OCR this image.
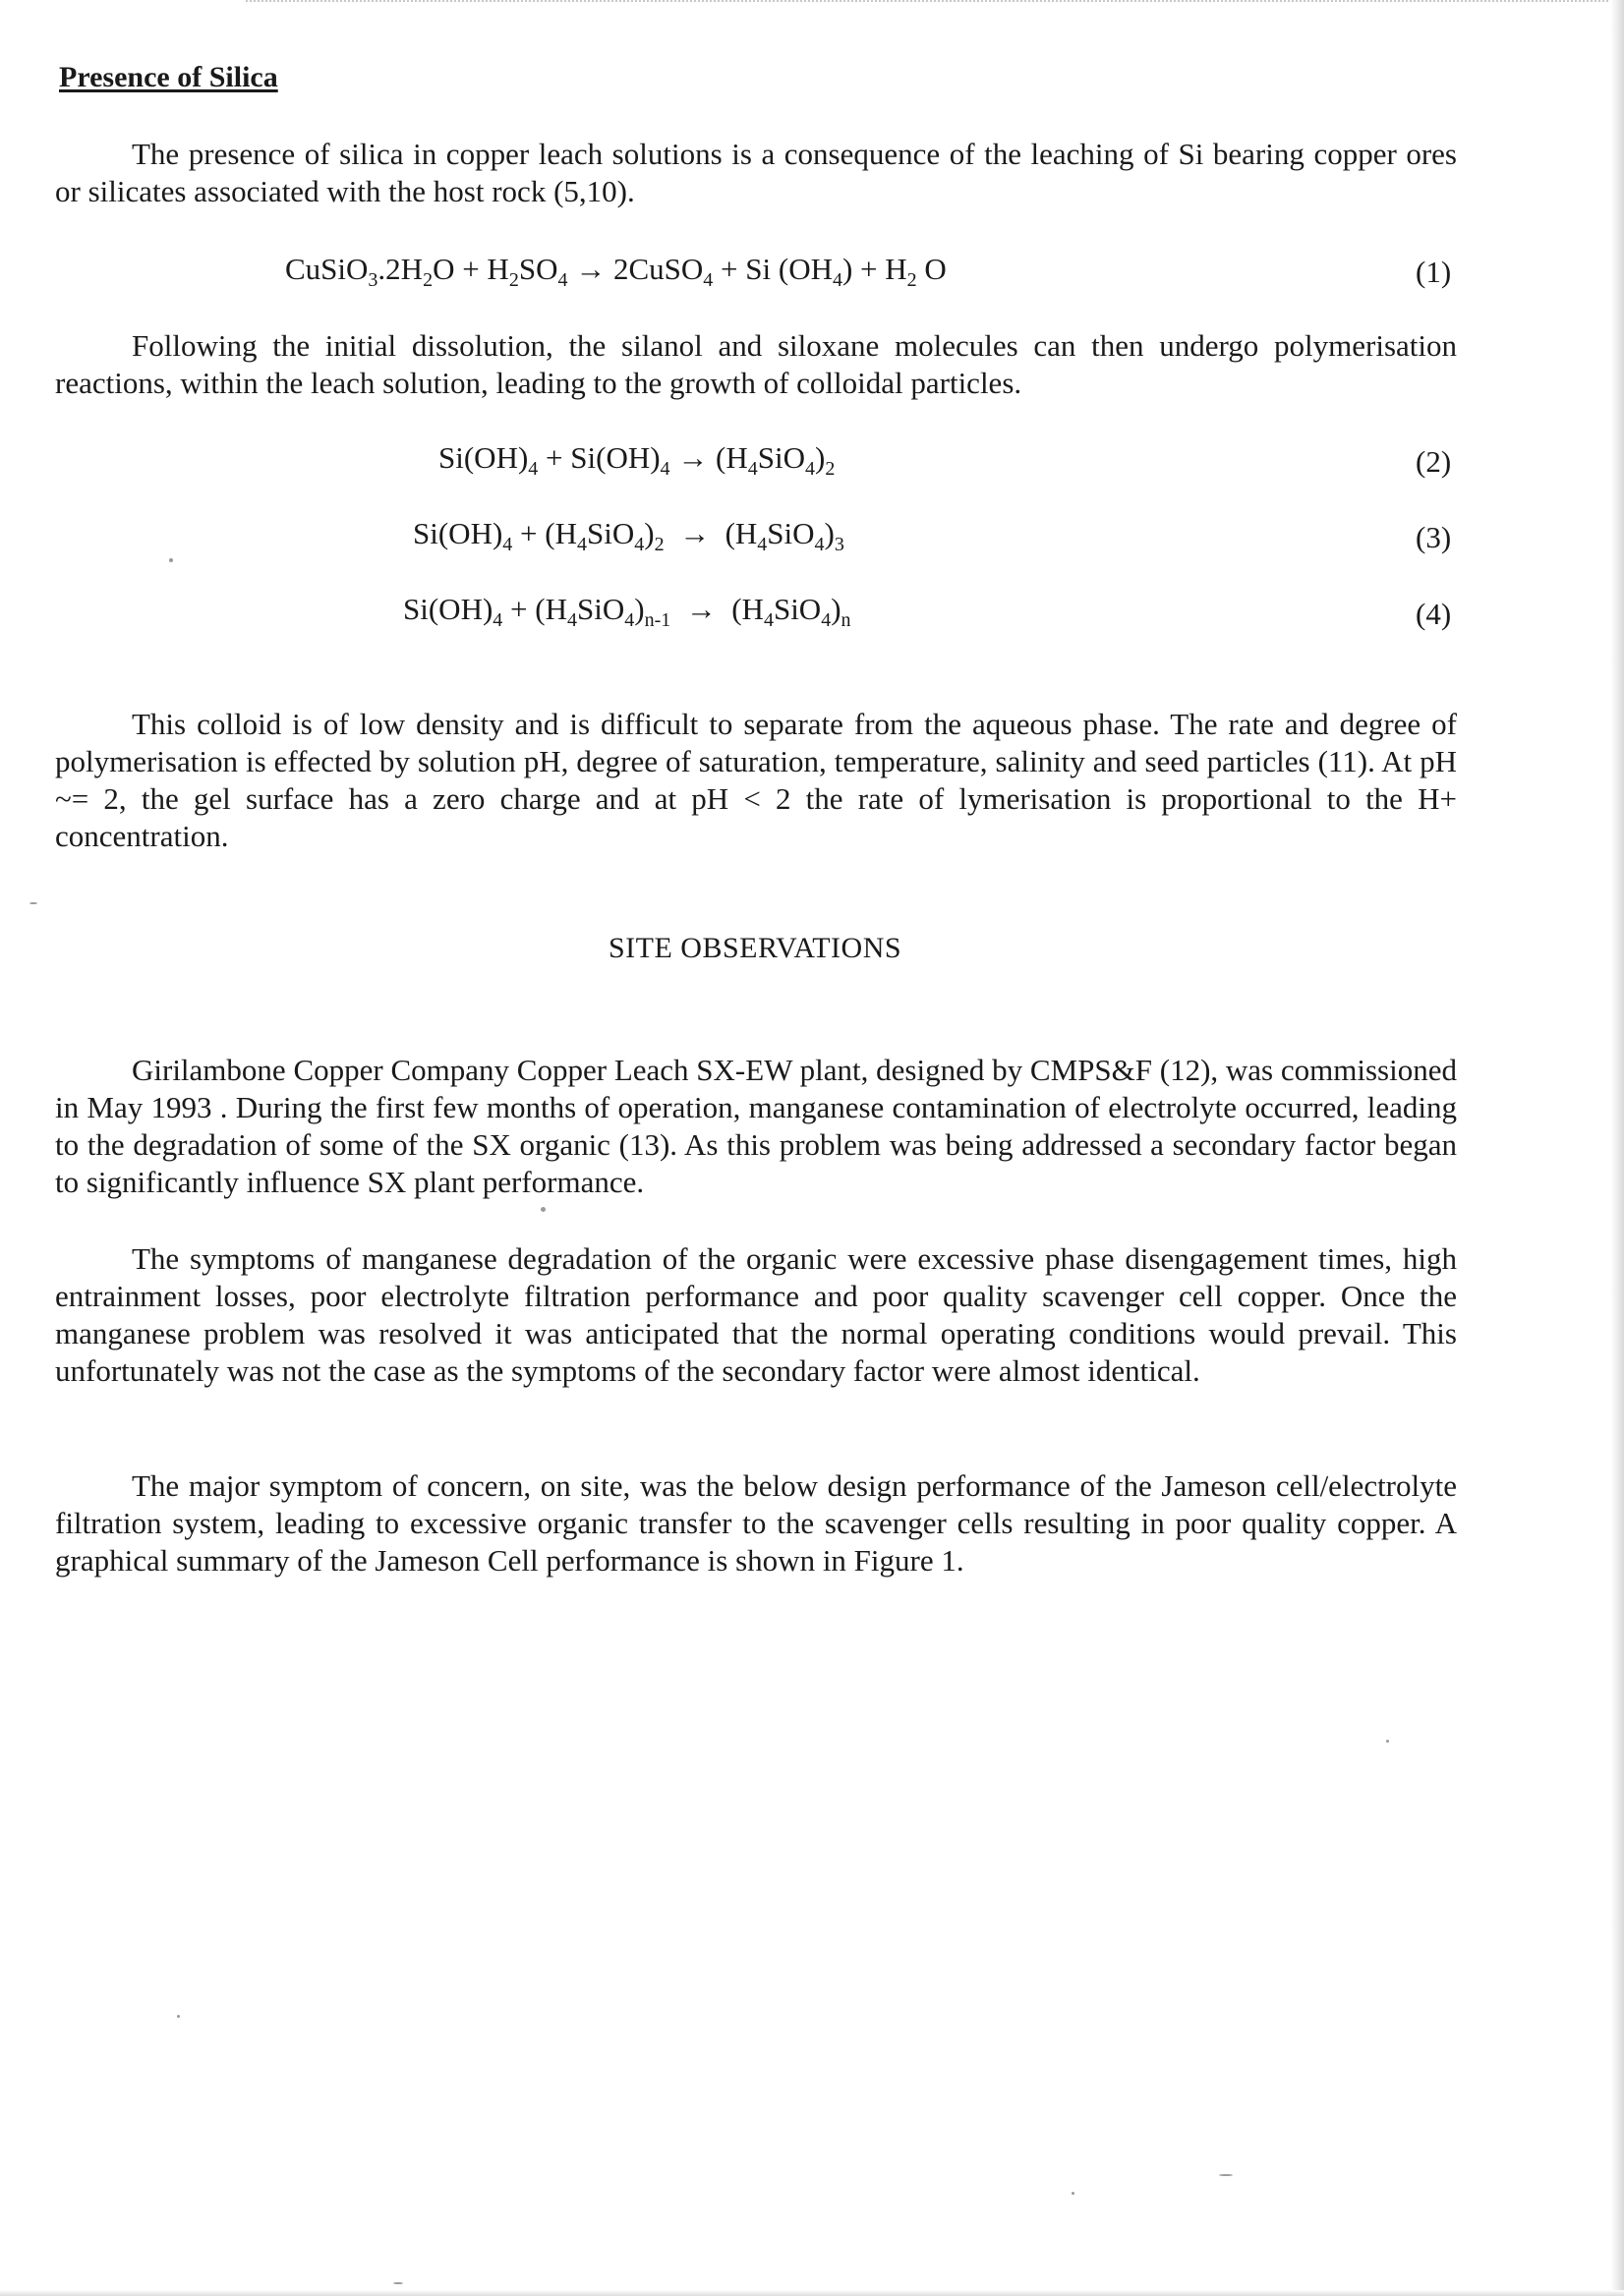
Presence of Silica
The presence of silica in copper leach solutions is a consequence of the leaching of Si bearing copper ores or silicates associated with the host rock (5,10).
$CuSiO_3.2H_2O + H_2SO_4$ → 2CuSO$_4$ + Si $(OH_4) + H_2$ O	(1)
Following the initial dissolution, the silanol and siloxane molecules can then undergo polymerisation reactions, within the leach solution, leading to the growth of colloidal particles.
$Si(OH)_4 + Si(OH)_4 \to (H_4SiO_4)_2$	(2)
$Si(OH)_4 + (H_4SiO_4)_2 \to (H_4SiO_4)_3$	(3)
$Si(OH)_4 + (H_4SiO_4)_{n-1} \to (H_4SiO_4)_n$	(4)
This colloid is of low density and is difficult to separate from the aqueous phase. The rate and degree of polymerisation is effected by solution pH, degree of saturation, temperature, salinity and seed particles (11). At pH ~= 2, the gel surface has a zero charge and at pH < 2 the rate of lymerisation is proportional to the H+ concentration.
SITE OBSERVATIONS
Girilambone Copper Company Copper Leach SX-EW plant, designed by CMPS&F (12), was commissioned in May 1993 . During the first few months of operation, manganese contamination of electrolyte occurred, leading to the degradation of some of the SX organic (13). As this problem was being addressed a secondary factor began to significantly influence SX plant performance.
The symptoms of manganese degradation of the organic were excessive phase disengagement times, high entrainment losses, poor electrolyte filtration performance and poor quality scavenger cell copper. Once the manganese problem was resolved it was anticipated that the normal operating conditions would prevail. This unfortunately was not the case as the symptoms of the secondary factor were almost identical.
The major symptom of concern, on site, was the below design performance of the Jameson cell/electrolyte filtration system, leading to excessive organic transfer to the scavenger cells resulting in poor quality copper. A graphical summary of the Jameson Cell performance is shown in Figure 1.
